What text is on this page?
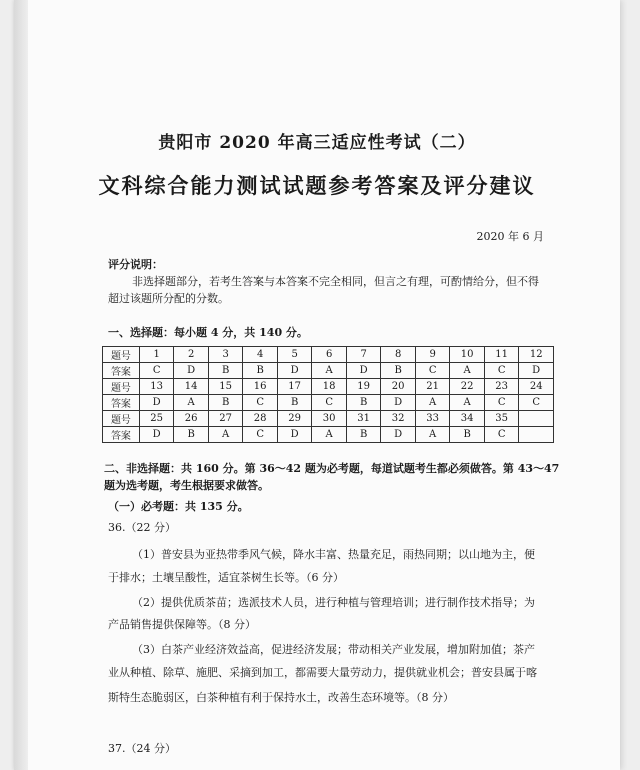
贵阳市 2020 年高三适应性考试（二）
文科综合能力测试试题参考答案及评分建议
2020 年 6 月
评分说明：
非选择题部分，若考生答案与本答案不完全相同，但言之有理，可酌情给分，但不得
超过该题所分配的分数。
一、选择题：每小题 4 分，共 140 分。
题号	1	2	3	4	5	6	7	8	9	10	11	12
答案	C	D	B	B	D	A	D	B	C	A	C	D
题号	13	14	15	16	17	18	19	20	21	22	23	24
答案	D	A	B	C	B	C	B	D	A	A	C	C
题号	25	26	27	28	29	30	31	32	33	34	35	
答案	D	B	A	C	D	A	B	D	A	B	C	
二、非选择题：共 160 分。第 36～42 题为必考题，每道试题考生都必须做答。第 43～47
题为选考题，考生根据要求做答。
（一）必考题：共 135 分。
36.（22 分）
（1）普安县为亚热带季风气候，降水丰富、热量充足，雨热同期；以山地为主，便
于排水；土壤呈酸性，适宜茶树生长等。（6 分）
（2）提供优质茶苗；选派技术人员，进行种植与管理培训；进行制作技术指导；为
产品销售提供保障等。（8 分）
（3）白茶产业经济效益高，促进经济发展；带动相关产业发展，增加附加值；茶产
业从种植、除草、施肥、采摘到加工，都需要大量劳动力，提供就业机会；普安县属于喀
斯特生态脆弱区，白茶种植有利于保持水土，改善生态环境等。（8 分）
37.（24 分）
